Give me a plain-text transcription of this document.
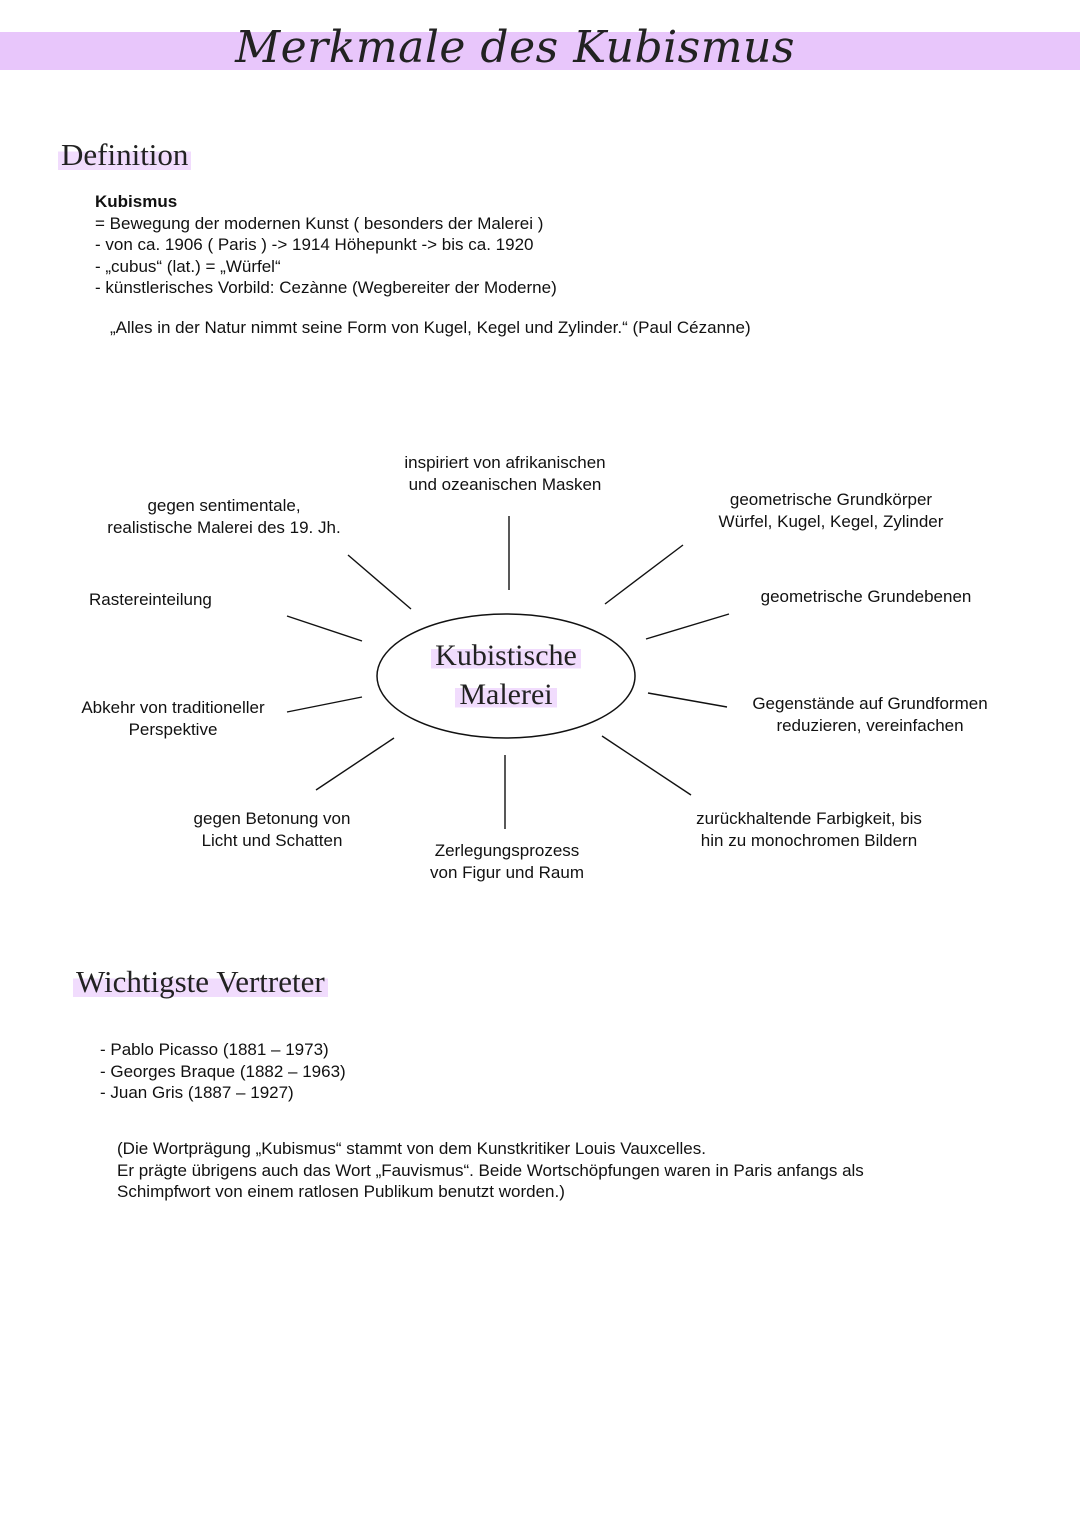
Merkmale des Kubismus
Definition
Kubismus
= Bewegung der modernen Kunst ( besonders der Malerei )
- von ca. 1906 ( Paris ) -> 1914 Höhepunkt -> bis ca. 1920
- „cubus“ (lat.) = „Würfel“
- künstlerisches Vorbild: Cezànne (Wegbereiter der Moderne)
„Alles in der Natur nimmt seine Form von Kugel, Kegel und Zylinder.“ (Paul Cézanne)
Kubistische
Malerei
inspiriert von afrikanischen
und ozeanischen Masken
gegen sentimentale,
realistische Malerei des 19. Jh.
geometrische Grundkörper
Würfel, Kugel, Kegel, Zylinder
Rastereinteilung	geometrische Grundebenen
Abkehr von traditioneller
Perspektive
Gegenstände auf Grundformen
reduzieren, vereinfachen
gegen Betonung von
Licht und Schatten
Zerlegungsprozess
von Figur und Raum
zurückhaltende Farbigkeit, bis
hin zu monochromen Bildern
Wichtigste Vertreter
- Pablo Picasso (1881 – 1973)
- Georges Braque (1882 – 1963)
- Juan Gris (1887 – 1927)
(Die Wortprägung „Kubismus“ stammt von dem Kunstkritiker Louis Vauxcelles.
Er prägte übrigens auch das Wort „Fauvismus“. Beide Wortschöpfungen waren in Paris anfangs als
Schimpfwort von einem ratlosen Publikum benutzt worden.)
